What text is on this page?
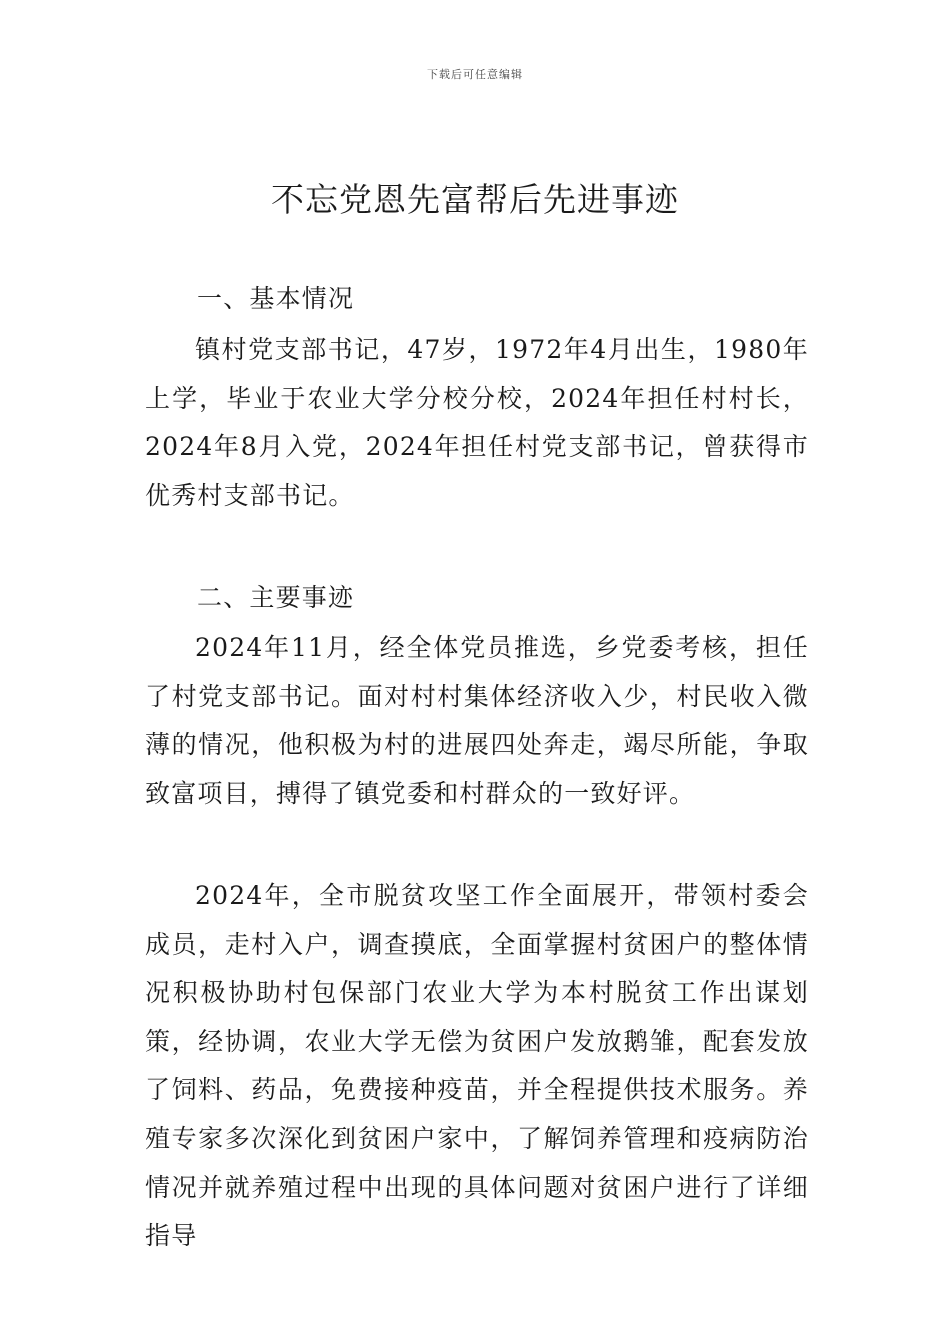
下载后可任意编辑
不忘党恩先富帮后先进事迹
一、基本情况

镇村党支部书记，47岁，1972年4月出生，1980年上学，毕业于农业大学分校分校，2024年担任村村长，2024年8月入党，2024年担任村党支部书记，曾获得市优秀村支部书记。

二、主要事迹

2024年11月，经全体党员推选，乡党委考核，担任了村党支部书记。面对村村集体经济收入少，村民收入微薄的情况，他积极为村的进展四处奔走，竭尽所能，争取致富项目，搏得了镇党委和村群众的一致好评。

2024年，全市脱贫攻坚工作全面展开，带领村委会成员，走村入户，调查摸底，全面掌握村贫困户的整体情况积极协助村包保部门农业大学为本村脱贫工作出谋划策，经协调，农业大学无偿为贫困户发放鹅雏，配套发放了饲料、药品，免费接种疫苗，并全程提供技术服务。养殖专家多次深化到贫困户家中，了解饲养管理和疫病防治情况并就养殖过程中出现的具体问题对贫困户进行了详细指导
